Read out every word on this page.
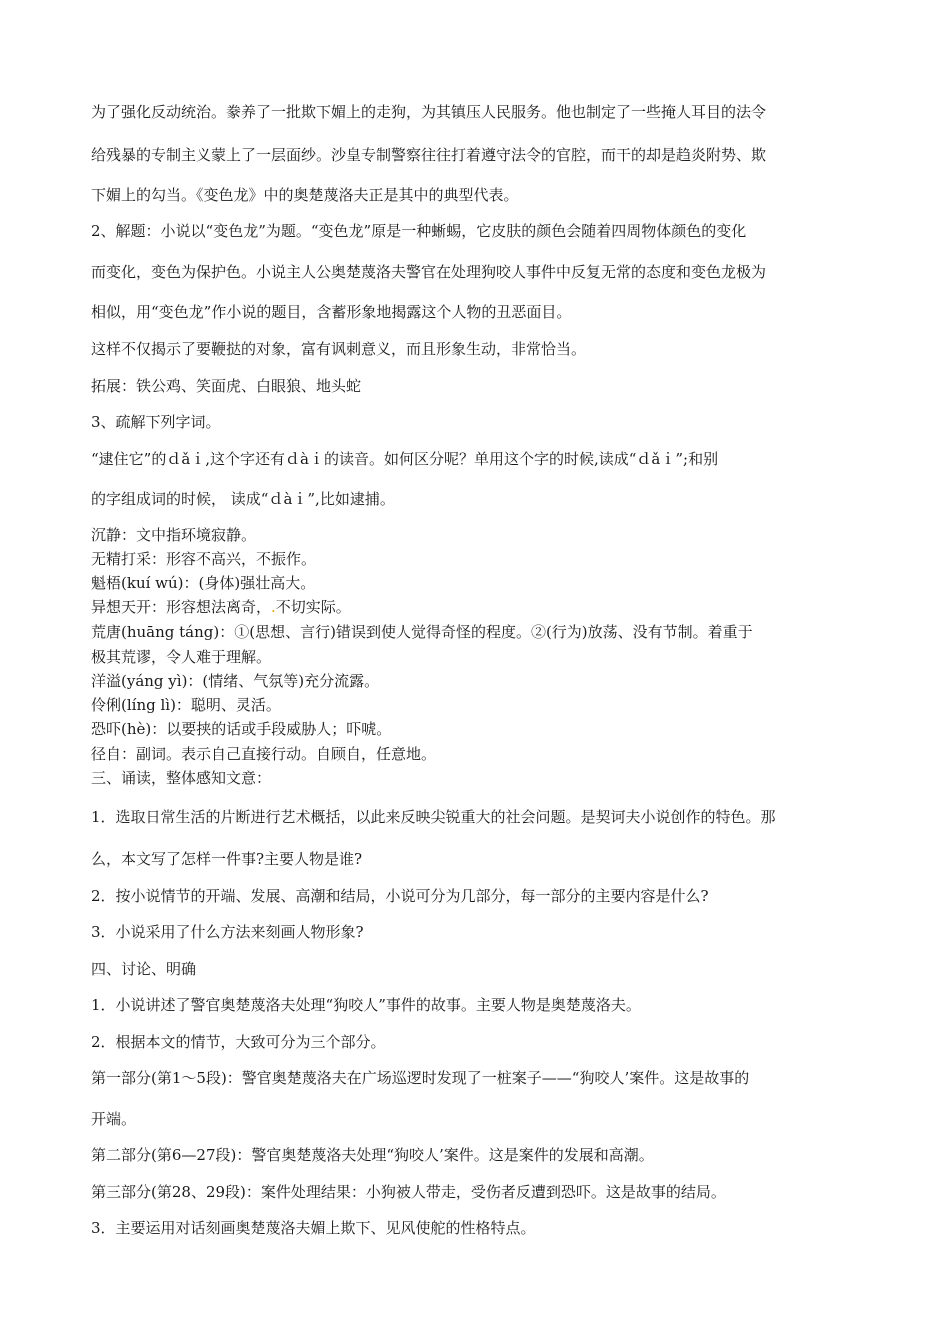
为了强化反动统治。豢养了一批欺下媚上的走狗，为其镇压人民服务。他也制定了一些掩人耳目的法令

给残暴的专制主义蒙上了一层面纱。沙皇专制警察往往打着遵守法令的官腔，而干的却是趋炎附势、欺

下媚上的勾当。《变色龙》中的奥楚蔑洛夫正是其中的典型代表。

2、解题：小说以“变色龙”为题。“变色龙”原是一种蜥蜴，它皮肤的颜色会随着四周物体颜色的变化

而变化，变色为保护色。小说主人公奥楚蔑洛夫警官在处理狗咬人事件中反复无常的态度和变色龙极为

相似，用“变色龙”作小说的题目，含蓄形象地揭露这个人物的丑恶面目。

这样不仅揭示了要鞭挞的对象，富有讽刺意义，而且形象生动，非常恰当。

拓展：铁公鸡、笑面虎、白眼狼、地头蛇

3、疏解下列字词。

“逮住它”的ｄǎｉ,这个字还有ｄàｉ的读音。如何区分呢？单用这个字的时候,读成“ｄǎｉ”;和别

的字组成词的时候， 读成“ｄàｉ”,比如逮捕。

沉静：文中指环境寂静。

无精打采：形容不高兴，不振作。

魁梧(kuí wú)：(身体)强壮高大。

异想天开：形容想法离奇，.不切实际。

荒唐(huāng táng)：①(思想、言行)错误到使人觉得奇怪的程度。②(行为)放荡、没有节制。着重于

极其荒谬，令人难于理解。

洋溢(yáng yì)：(情绪、气氛等)充分流露。

伶俐(líng lì)：聪明、灵活。

恐吓(hè)：以要挟的话或手段威胁人；吓唬。

径自：副词。表示自己直接行动。自顾自，任意地。

三、诵读，整体感知文意：

1．选取日常生活的片断进行艺术概括，以此来反映尖锐重大的社会问题。是契诃夫小说创作的特色。那

么，本文写了怎样一件事?主要人物是谁?

2．按小说情节的开端、发展、高潮和结局，小说可分为几部分，每一部分的主要内容是什么?

3．小说采用了什么方法来刻画人物形象?

四、讨论、明确

1．小说讲述了警官奥楚蔑洛夫处理“狗咬人”事件的故事。主要人物是奥楚蔑洛夫。

2．根据本文的情节，大致可分为三个部分。

第一部分(第1～5段)：警官奥楚蔑洛夫在广场巡逻时发现了一桩案子——“狗咬人’案件。这是故事的

开端。

第二部分(第6—27段)：警官奥楚蔑洛夫处理“狗咬人’案件。这是案件的发展和高潮。

第三部分(第28、29段)：案件处理结果：小狗被人带走，受伤者反遭到恐吓。这是故事的结局。

3．主要运用对话刻画奥楚蔑洛夫媚上欺下、见风使舵的性格特点。
